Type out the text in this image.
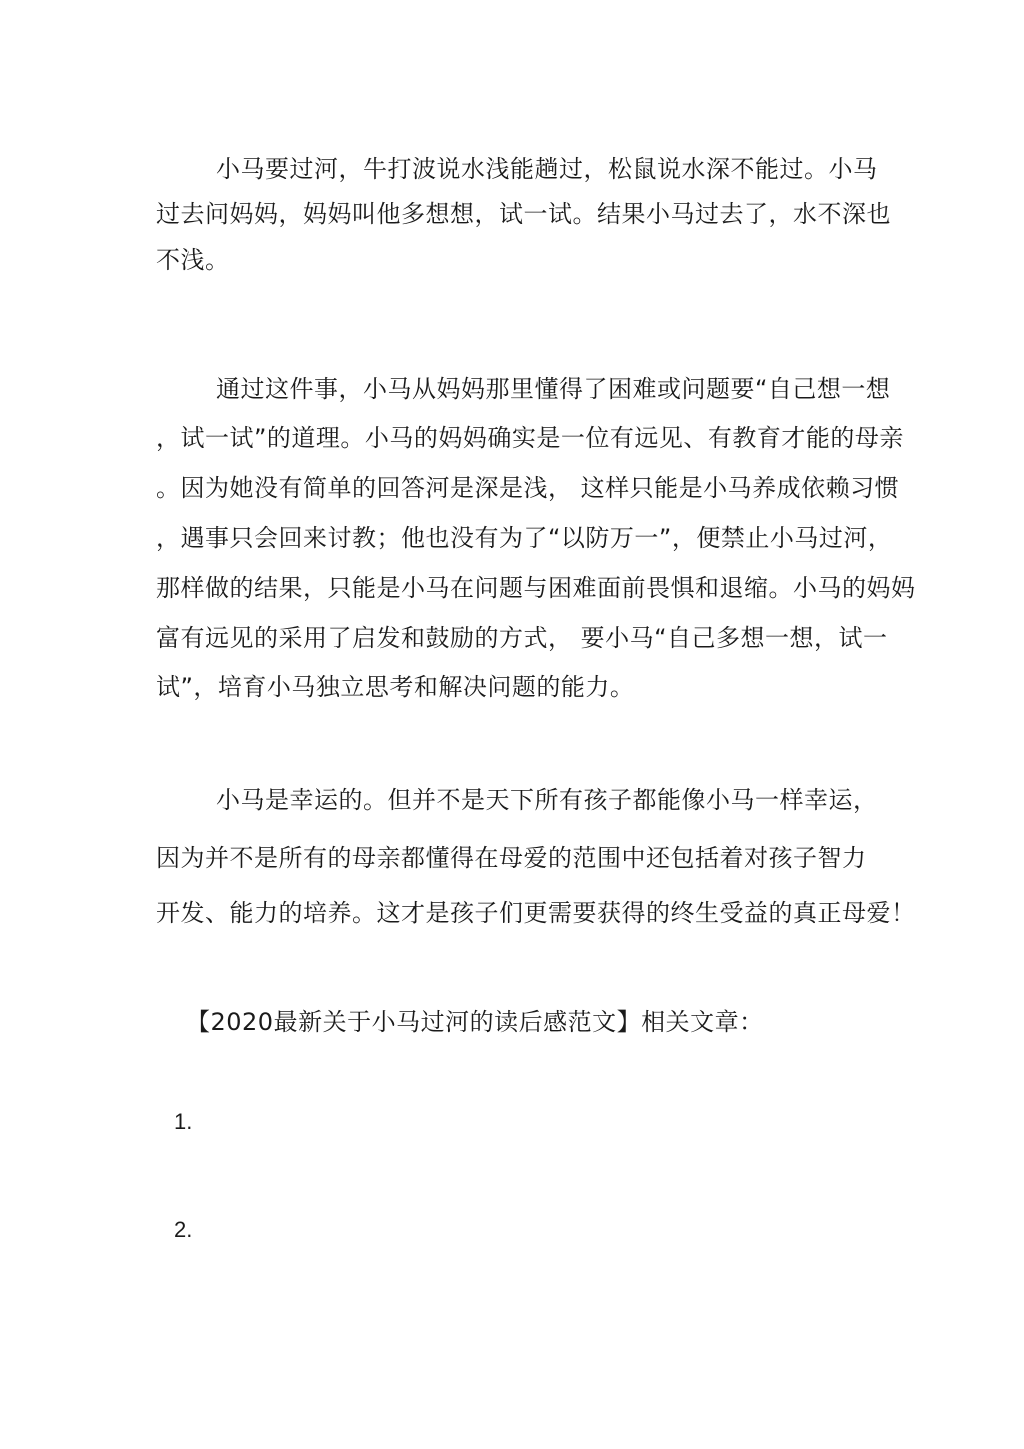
小马要过河，牛打波说水浅能趟过，松鼠说水深不能过。小马
过去问妈妈，妈妈叫他多想想，试一试。结果小马过去了，水不深也
不浅。
通过这件事，小马从妈妈那里懂得了困难或问题要“自己想一想
，试一试”的道理。小马的妈妈确实是一位有远见、有教育才能的母亲
。因为她没有简单的回答河是深是浅， 这样只能是小马养成依赖习惯
，遇事只会回来讨教；他也没有为了“以防万一”，便禁止小马过河，
那样做的结果，只能是小马在问题与困难面前畏惧和退缩。小马的妈妈
富有远见的采用了启发和鼓励的方式， 要小马“自己多想一想，试一
试”，培育小马独立思考和解决问题的能力。
小马是幸运的。但并不是天下所有孩子都能像小马一样幸运，
因为并不是所有的母亲都懂得在母爱的范围中还包括着对孩子智力
开发、能力的培养。这才是孩子们更需要获得的终生受益的真正母爱！
【2020最新关于小马过河的读后感范文】相关文章：
1.
2.
